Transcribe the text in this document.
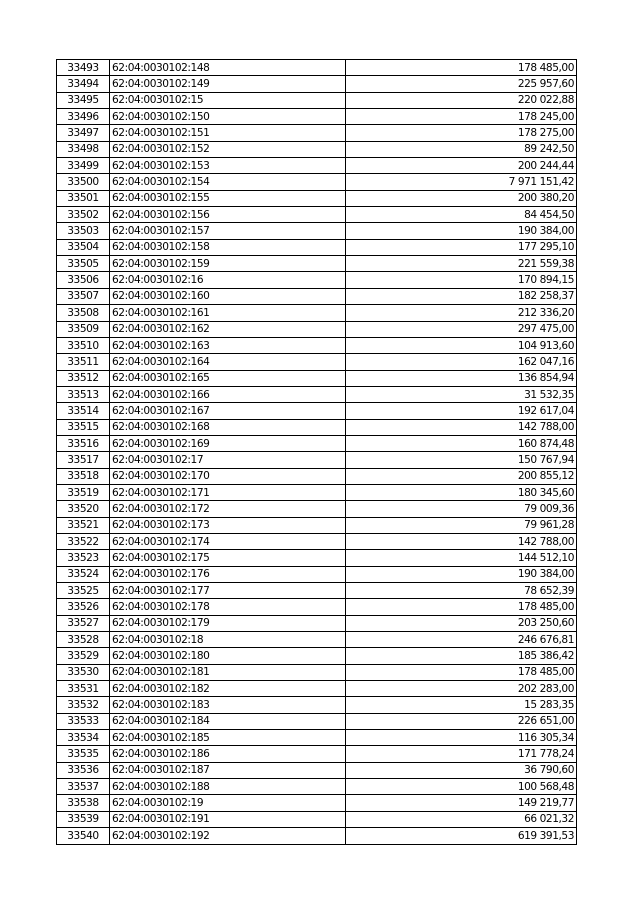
33493	62:04:0030102:148	178 485,00
33494	62:04:0030102:149	225 957,60
33495	62:04:0030102:15	220 022,88
33496	62:04:0030102:150	178 245,00
33497	62:04:0030102:151	178 275,00
33498	62:04:0030102:152	89 242,50
33499	62:04:0030102:153	200 244,44
33500	62:04:0030102:154	7 971 151,42
33501	62:04:0030102:155	200 380,20
33502	62:04:0030102:156	84 454,50
33503	62:04:0030102:157	190 384,00
33504	62:04:0030102:158	177 295,10
33505	62:04:0030102:159	221 559,38
33506	62:04:0030102:16	170 894,15
33507	62:04:0030102:160	182 258,37
33508	62:04:0030102:161	212 336,20
33509	62:04:0030102:162	297 475,00
33510	62:04:0030102:163	104 913,60
33511	62:04:0030102:164	162 047,16
33512	62:04:0030102:165	136 854,94
33513	62:04:0030102:166	31 532,35
33514	62:04:0030102:167	192 617,04
33515	62:04:0030102:168	142 788,00
33516	62:04:0030102:169	160 874,48
33517	62:04:0030102:17	150 767,94
33518	62:04:0030102:170	200 855,12
33519	62:04:0030102:171	180 345,60
33520	62:04:0030102:172	79 009,36
33521	62:04:0030102:173	79 961,28
33522	62:04:0030102:174	142 788,00
33523	62:04:0030102:175	144 512,10
33524	62:04:0030102:176	190 384,00
33525	62:04:0030102:177	78 652,39
33526	62:04:0030102:178	178 485,00
33527	62:04:0030102:179	203 250,60
33528	62:04:0030102:18	246 676,81
33529	62:04:0030102:180	185 386,42
33530	62:04:0030102:181	178 485,00
33531	62:04:0030102:182	202 283,00
33532	62:04:0030102:183	15 283,35
33533	62:04:0030102:184	226 651,00
33534	62:04:0030102:185	116 305,34
33535	62:04:0030102:186	171 778,24
33536	62:04:0030102:187	36 790,60
33537	62:04:0030102:188	100 568,48
33538	62:04:0030102:19	149 219,77
33539	62:04:0030102:191	66 021,32
33540	62:04:0030102:192	619 391,53
